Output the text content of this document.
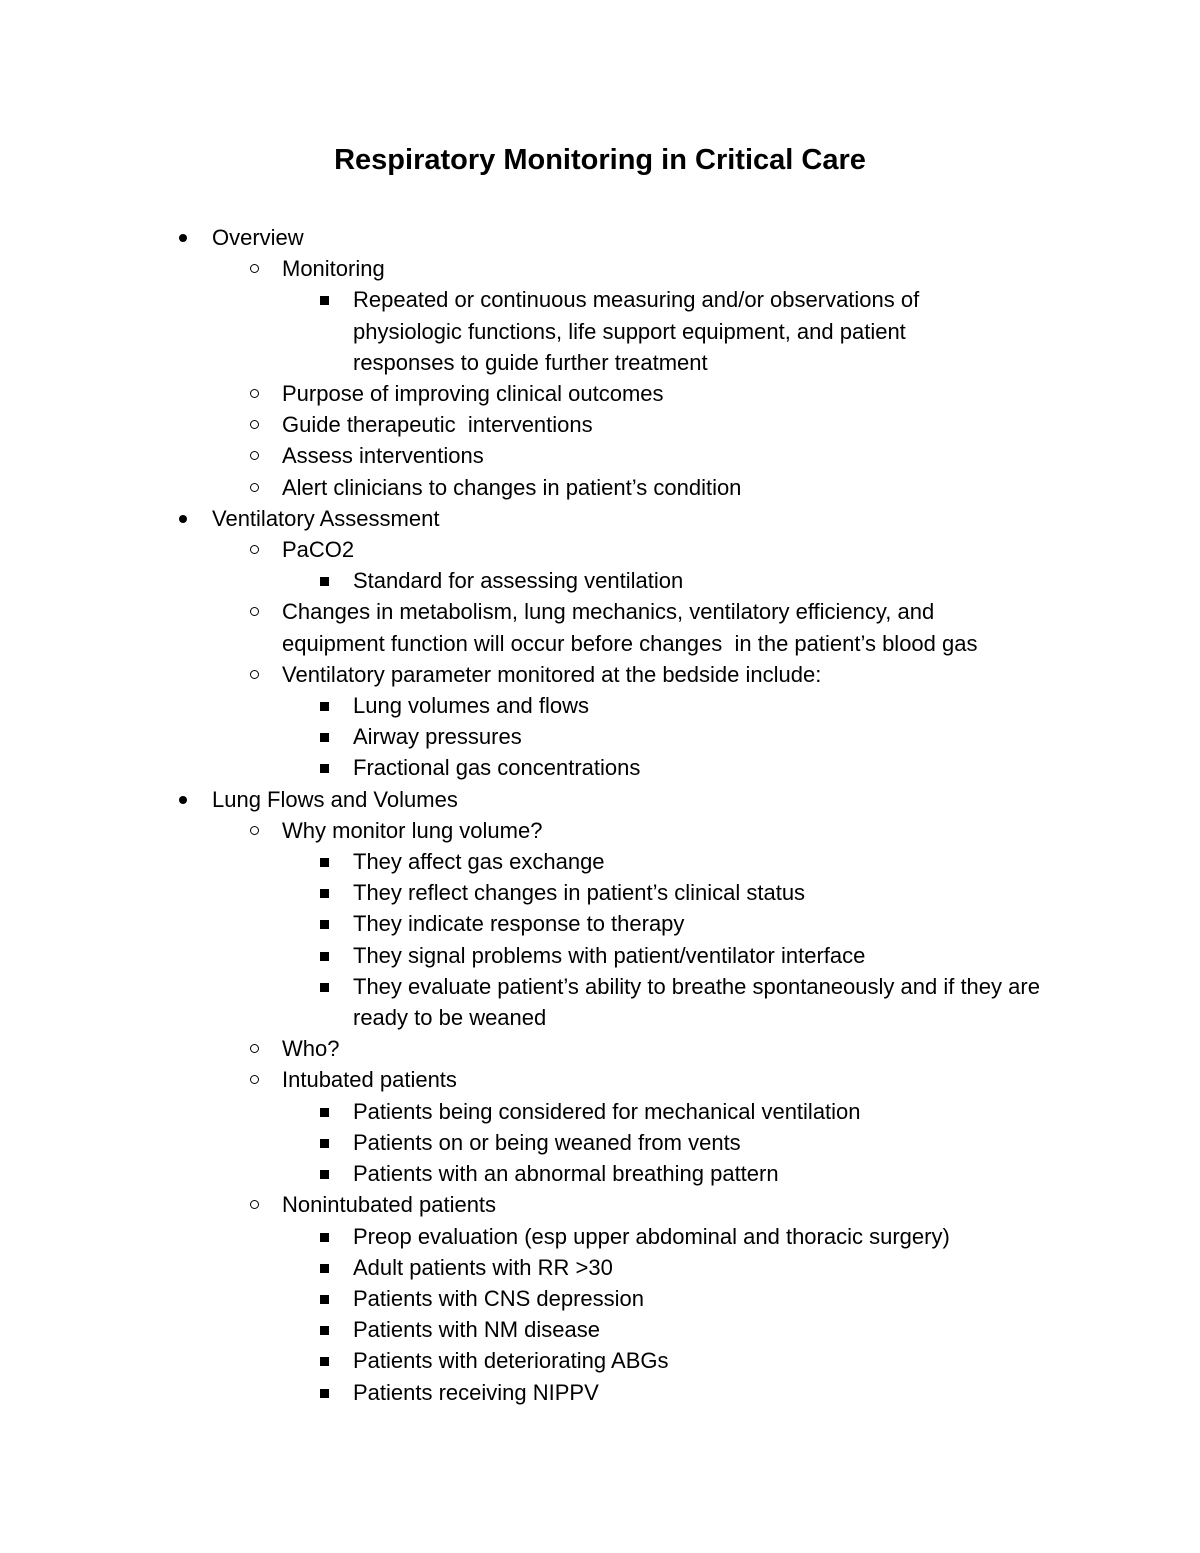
Respiratory Monitoring in Critical Care
Overview
Monitoring
Repeated or continuous measuring and/or observations of physiologic functions, life support equipment, and patient responses to guide further treatment
Purpose of improving clinical outcomes
Guide therapeutic  interventions
Assess interventions
Alert clinicians to changes in patient’s condition
Ventilatory Assessment
PaCO2
Standard for assessing ventilation
Changes in metabolism, lung mechanics, ventilatory efficiency, and equipment function will occur before changes  in the patient’s blood gas
Ventilatory parameter monitored at the bedside include:
Lung volumes and flows
Airway pressures
Fractional gas concentrations
Lung Flows and Volumes
Why monitor lung volume?
They affect gas exchange
They reflect changes in patient’s clinical status
They indicate response to therapy
They signal problems with patient/ventilator interface
They evaluate patient’s ability to breathe spontaneously and if they are ready to be weaned
Who?
Intubated patients
Patients being considered for mechanical ventilation
Patients on or being weaned from vents
Patients with an abnormal breathing pattern
Nonintubated patients
Preop evaluation (esp upper abdominal and thoracic surgery)
Adult patients with RR >30
Patients with CNS depression
Patients with NM disease
Patients with deteriorating ABGs
Patients receiving NIPPV
